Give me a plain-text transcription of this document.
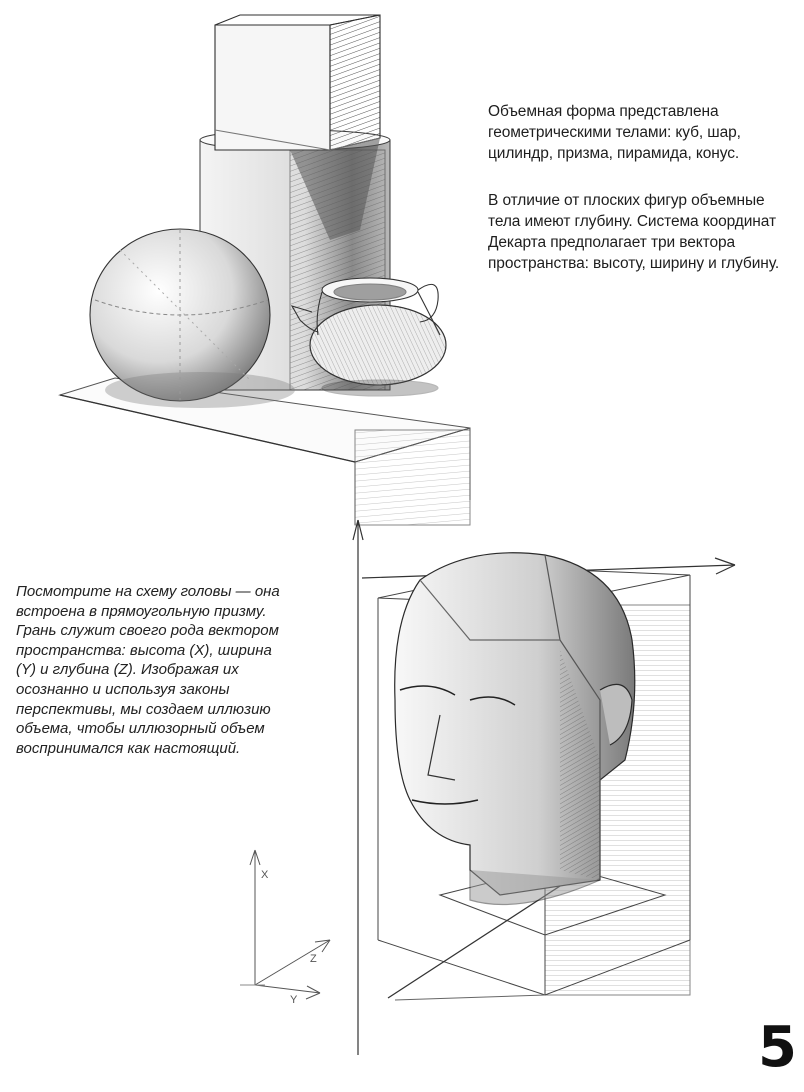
Объемная форма представлена геометрическими телами: куб, шар, цилиндр, призма, пирамида, конус.

В отличие от плоских фигур объемные тела имеют глубину. Система координат Декарта предполагает три вектора пространства: высоту, ширину и глубину.

Посмотрите на схему головы — она встроена в прямоугольную призму. Грань служит своего рода вектором пространства: высота (X), ширина (Y) и глубина (Z). Изображая их осознанно и используя законы перспективы, мы создаем иллюзию объема, чтобы иллюзорный объем воспринимался как настоящий.
X
Z
Y
5
